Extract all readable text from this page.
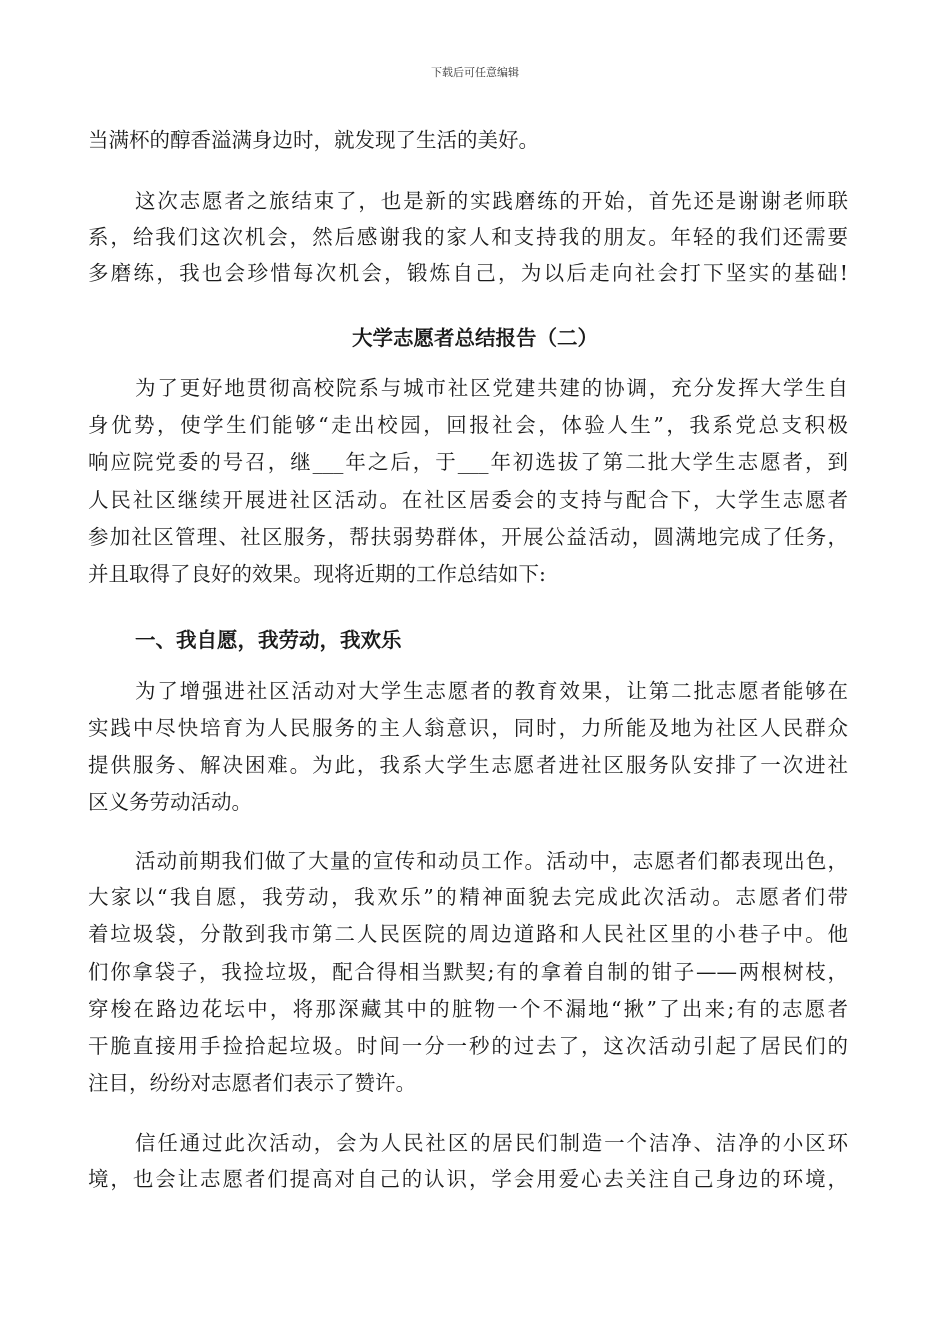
下载后可任意编辑
当满杯的醇香溢满身边时，就发现了生活的美好。
这次志愿者之旅结束了，也是新的实践磨练的开始，首先还是谢谢老师联
系，给我们这次机会，然后感谢我的家人和支持我的朋友。年轻的我们还需要
多磨练，我也会珍惜每次机会，锻炼自己，为以后走向社会打下坚实的基础!
大学志愿者总结报告（二）
为了更好地贯彻高校院系与城市社区党建共建的协调，充分发挥大学生自
身优势，使学生们能够“走出校园，回报社会，体验人生”，我系党总支积极
响应院党委的号召，继___年之后，于___年初选拔了第二批大学生志愿者，到
人民社区继续开展进社区活动。在社区居委会的支持与配合下，大学生志愿者
参加社区管理、社区服务，帮扶弱势群体，开展公益活动，圆满地完成了任务，
并且取得了良好的效果。现将近期的工作总结如下:
一、我自愿，我劳动，我欢乐
为了增强进社区活动对大学生志愿者的教育效果，让第二批志愿者能够在
实践中尽快培育为人民服务的主人翁意识，同时，力所能及地为社区人民群众
提供服务、解决困难。为此，我系大学生志愿者进社区服务队安排了一次进社
区义务劳动活动。
活动前期我们做了大量的宣传和动员工作。活动中，志愿者们都表现出色，
大家以“我自愿，我劳动，我欢乐”的精神面貌去完成此次活动。志愿者们带
着垃圾袋，分散到我市第二人民医院的周边道路和人民社区里的小巷子中。他
们你拿袋子，我捡垃圾，配合得相当默契;有的拿着自制的钳子——两根树枝，
穿梭在路边花坛中，将那深藏其中的脏物一个不漏地“揪”了出来;有的志愿者
干脆直接用手捡拾起垃圾。时间一分一秒的过去了，这次活动引起了居民们的
注目，纷纷对志愿者们表示了赞许。
信任通过此次活动，会为人民社区的居民们制造一个洁净、洁净的小区环
境，也会让志愿者们提高对自己的认识，学会用爱心去关注自己身边的环境，
